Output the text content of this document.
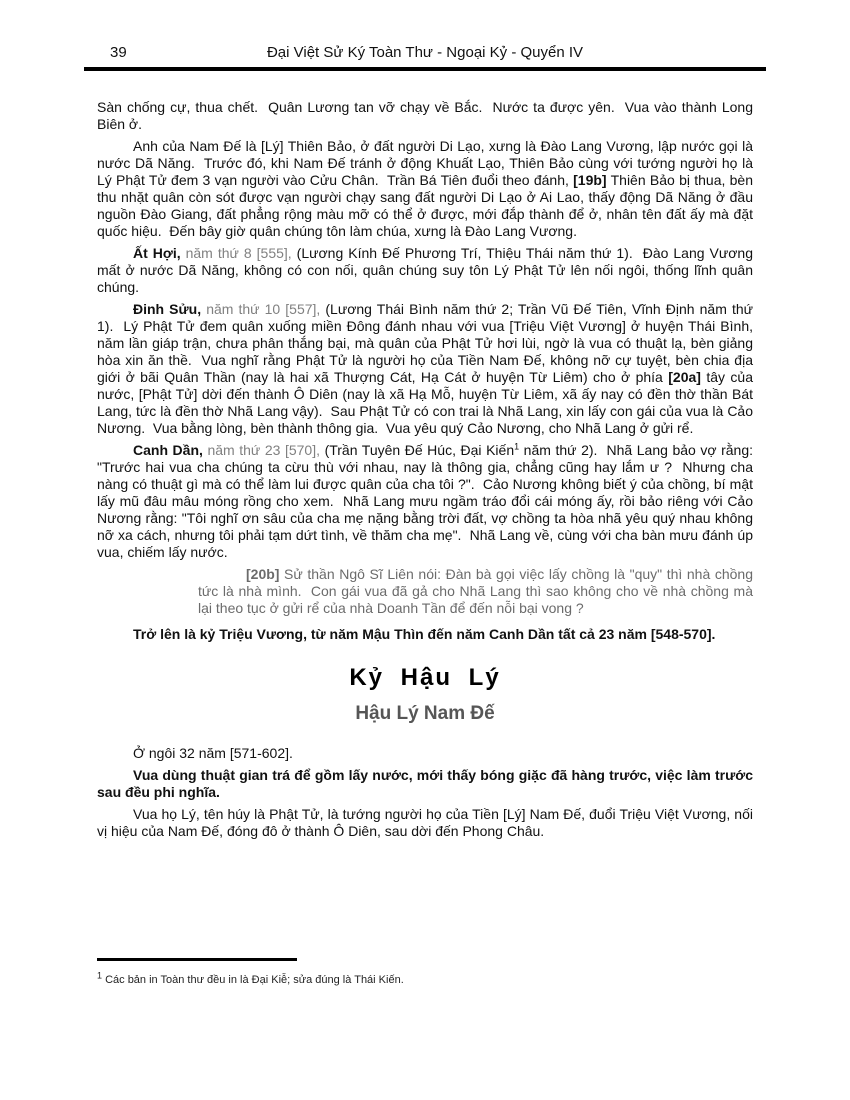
39	Đại Việt Sử Ký Toàn Thư - Ngoại Kỷ - Quyển IV

Sàn chống cự, thua chết.  Quân Lương tan vỡ chạy về Bắc.  Nước ta được yên.  Vua vào thành Long Biên ở.

Anh của Nam Đế là [Lý] Thiên Bảo, ở đất người Di Lạo, xưng là Đào Lang Vương, lập nước gọi là nước Dã Năng.  Trước đó, khi Nam Đế tránh ở động Khuất Lạo, Thiên Bảo cùng với tướng người họ là Lý Phật Tử đem 3 vạn người vào Cửu Chân.  Trần Bá Tiên đuổi theo đánh, [19b] Thiên Bảo bị thua, bèn thu nhặt quân còn sót được vạn người chạy sang đất người Di Lạo ở Ai Lao, thấy động Dã Năng ở đầu nguồn Đào Giang, đất phẳng rộng màu mỡ có thể ở được, mới đắp thành để ở, nhân tên đất ấy mà đặt quốc hiệu.  Đến bây giờ quân chúng tôn làm chúa, xưng là Đào Lang Vương.

Ất Hợi, năm thứ 8 [555], (Lương Kính Đế Phương Trí, Thiệu Thái năm thứ 1).  Đào Lang Vương mất ở nước Dã Năng, không có con nối, quân chúng suy tôn Lý Phật Tử lên nối ngôi, thống lĩnh quân chúng.

Đinh Sửu, năm thứ 10 [557], (Lương Thái Bình năm thứ 2; Trần Vũ Đế Tiên, Vĩnh Định năm thứ 1).  Lý Phật Tử đem quân xuống miền Đông đánh nhau với vua [Triệu Việt Vương] ở huyện Thái Bình, năm lần giáp trận, chưa phân thắng bại, mà quân của Phật Tử hơi lùi, ngờ là vua có thuật lạ, bèn giảng hòa xin ăn thề.  Vua nghĩ rằng Phật Tử là người họ của Tiền Nam Đế, không nỡ cự tuyệt, bèn chia địa giới ở bãi Quân Thần (nay là hai xã Thượng Cát, Hạ Cát ở huyện Từ Liêm) cho ở phía [20a] tây của nước, [Phật Tử] dời đến thành Ô Diên (nay là xã Hạ Mỗ, huyện Từ Liêm, xã ấy nay có đền thờ thần Bát Lang, tức là đền thờ Nhã Lang vậy).  Sau Phật Tử có con trai là Nhã Lang, xin lấy con gái của vua là Cảo Nương.  Vua bằng lòng, bèn thành thông gia.  Vua yêu quý Cảo Nương, cho Nhã Lang ở gửi rể.

Canh Dần, năm thứ 23 [570], (Trần Tuyên Đế Húc, Đại Kiến$^1$ năm thứ 2).  Nhã Lang bảo vợ rằng: "Trước hai vua cha chúng ta cừu thù với nhau, nay là thông gia, chẳng cũng hay lắm ư ?  Nhưng cha nàng có thuật gì mà có thể làm lui được quân của cha tôi ?".  Cảo Nương không biết ý của chồng, bí mật lấy mũ đâu mâu móng rồng cho xem.  Nhã Lang mưu ngầm tráo đổi cái móng ấy, rồi bảo riêng với Cảo Nương rằng: "Tôi nghĩ ơn sâu của cha mẹ nặng bằng trời đất, vợ chồng ta hòa nhã yêu quý nhau không nỡ xa cách, nhưng tôi phải tạm dứt tình, về thăm cha mẹ".  Nhã Lang về, cùng với cha bàn mưu đánh úp vua, chiếm lấy nước.

[20b] Sử thần Ngô Sĩ Liên nói: Đàn bà gọi việc lấy chồng là "quy" thì nhà chồng tức là nhà mình.  Con gái vua đã gả cho Nhã Lang thì sao không cho về nhà chồng mà lại theo tục ở gửi rể của nhà Doanh Tần để đến nỗi bại vong ?

Trở lên là kỷ Triệu Vương, từ năm Mậu Thìn đến năm Canh Dần tất cả 23 năm [548-570].

Kỷ Hậu Lý
Hậu Lý Nam Đế

Ở ngôi 32 năm [571-602].

Vua dùng thuật gian trá để gồm lấy nước, mới thấy bóng giặc đã hàng trước, việc làm trước sau đều phi nghĩa.

Vua họ Lý, tên húy là Phật Tử, là tướng người họ của Tiền [Lý] Nam Đế, đuổi Triệu Việt Vương, nối vị hiệu của Nam Đế, đóng đô ở thành Ô Diên, sau dời đến Phong Châu.

$^1$ Các bản in Toàn thư đều in là Đại Kiễ; sửa đúng là Thái Kiến.
